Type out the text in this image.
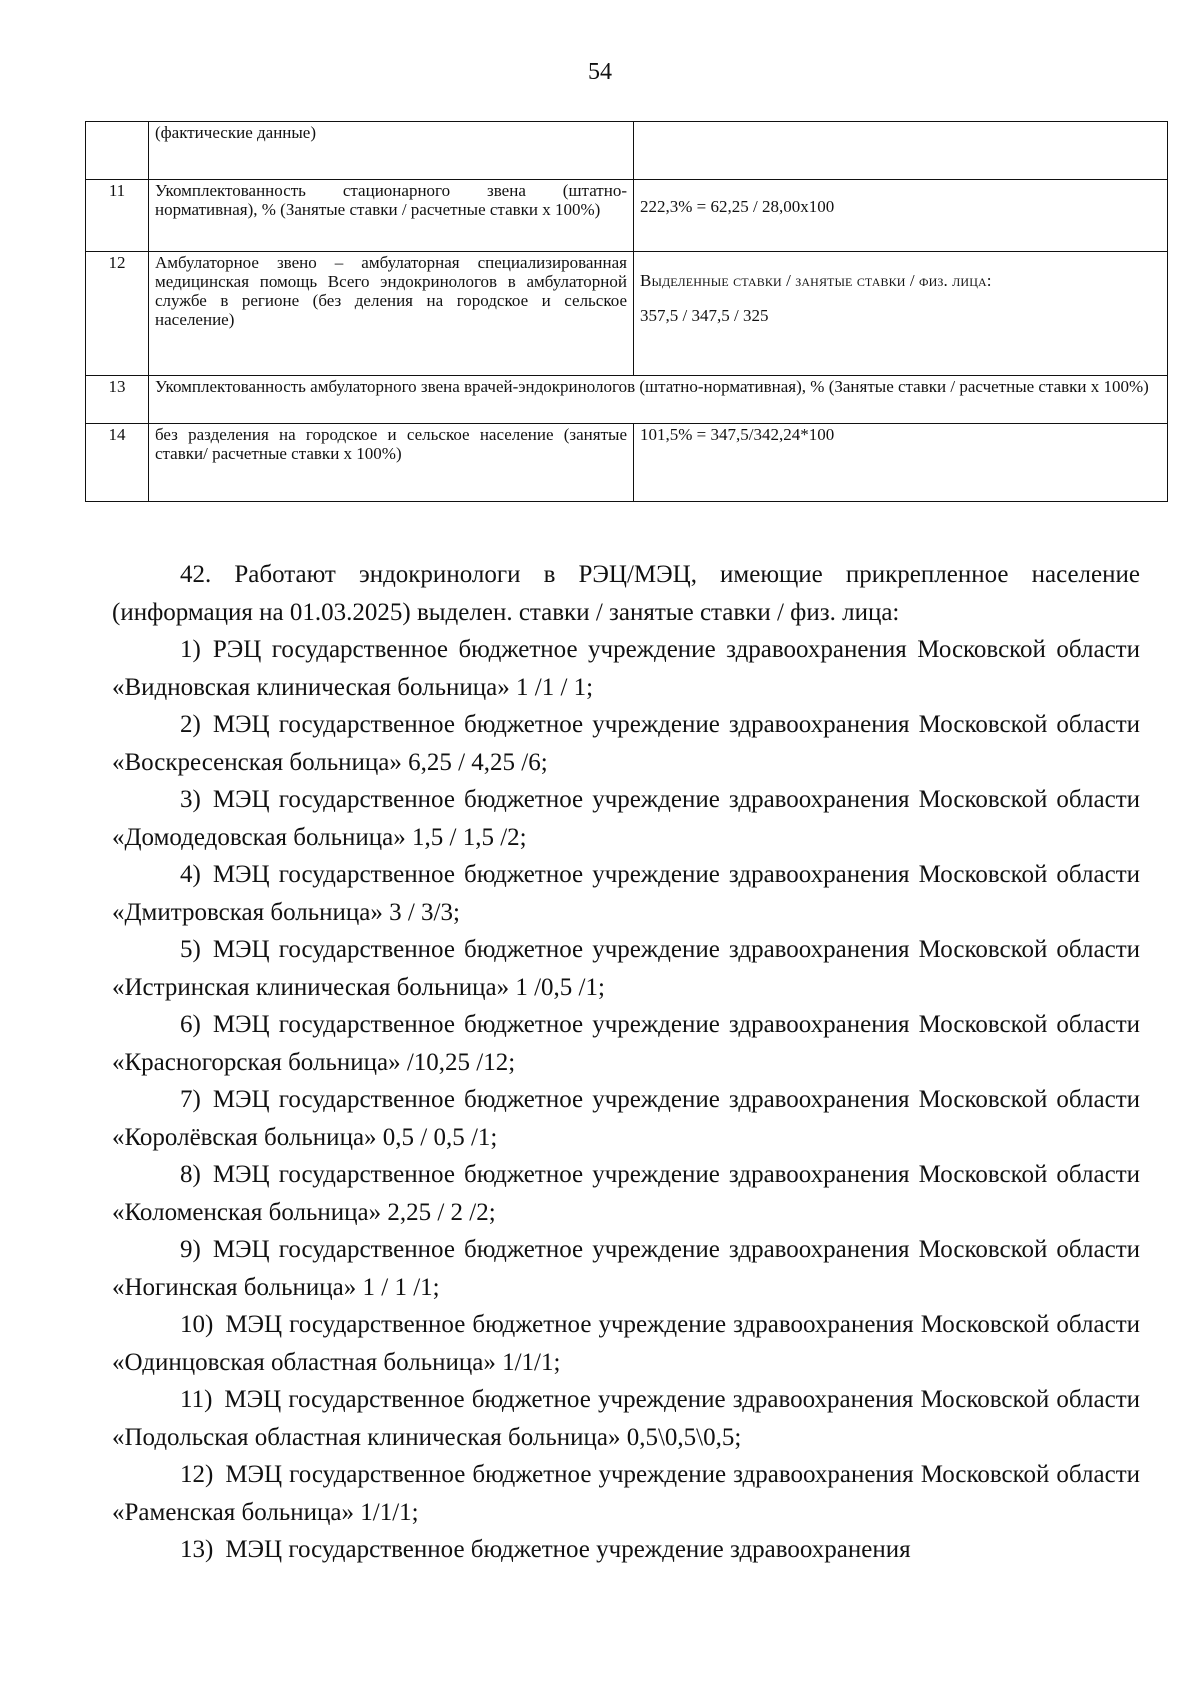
54
	(фактические данные)	
11	Укомплектованность стационарного звена (штатно-нормативная), % (Занятые ставки / расчетные ставки х 100%)	222,3% = 62,25 / 28,00х100

12	Амбулаторное звено – амбулаторная специализированная медицинская помощь Всего эндокринологов в амбулаторной службе в регионе (без деления на городское и сельское население)	Выделенные ставки / занятые ставки / физ. лица:
357,5 / 347,5 / 325

13	Укомплектованность амбулаторного звена врачей-эндокринологов (штатно-нормативная), % (Занятые ставки / расчетные ставки х 100%)	
14	без разделения на городское и сельское население (занятые ставки/ расчетные ставки х 100%)	101,5% = 347,5/342,24*100

42. Работают эндокринологи в РЭЦ/МЭЦ, имеющие прикрепленное население (информация на 01.03.2025) выделен. ставки / занятые ставки / физ. лица:

1) РЭЦ государственное бюджетное учреждение здравоохранения Московской области «Видновская клиническая больница» 1 /1 / 1;

2) МЭЦ государственное бюджетное учреждение здравоохранения Московской области «Воскресенская больница» 6,25 / 4,25 /6;

3) МЭЦ государственное бюджетное учреждение здравоохранения Московской области «Домодедовская больница» 1,5 / 1,5 /2;

4) МЭЦ государственное бюджетное учреждение здравоохранения Московской области «Дмитровская больница» 3 / 3/3;

5) МЭЦ государственное бюджетное учреждение здравоохранения Московской области «Истринская клиническая больница» 1 /0,5 /1;

6) МЭЦ государственное бюджетное учреждение здравоохранения Московской области «Красногорская больница» /10,25 /12;

7) МЭЦ государственное бюджетное учреждение здравоохранения Московской области «Королёвская больница» 0,5 / 0,5 /1;

8) МЭЦ государственное бюджетное учреждение здравоохранения Московской области «Коломенская больница» 2,25 / 2 /2;

9) МЭЦ государственное бюджетное учреждение здравоохранения Московской области «Ногинская больница» 1 / 1 /1;

10) МЭЦ государственное бюджетное учреждение здравоохранения Московской области «Одинцовская областная больница» 1/1/1;

11) МЭЦ государственное бюджетное учреждение здравоохранения Московской области «Подольская областная клиническая больница» 0,5\0,5\0,5;

12) МЭЦ государственное бюджетное учреждение здравоохранения Московской области «Раменская больница» 1/1/1;

13) МЭЦ государственное бюджетное учреждение здравоохранения
